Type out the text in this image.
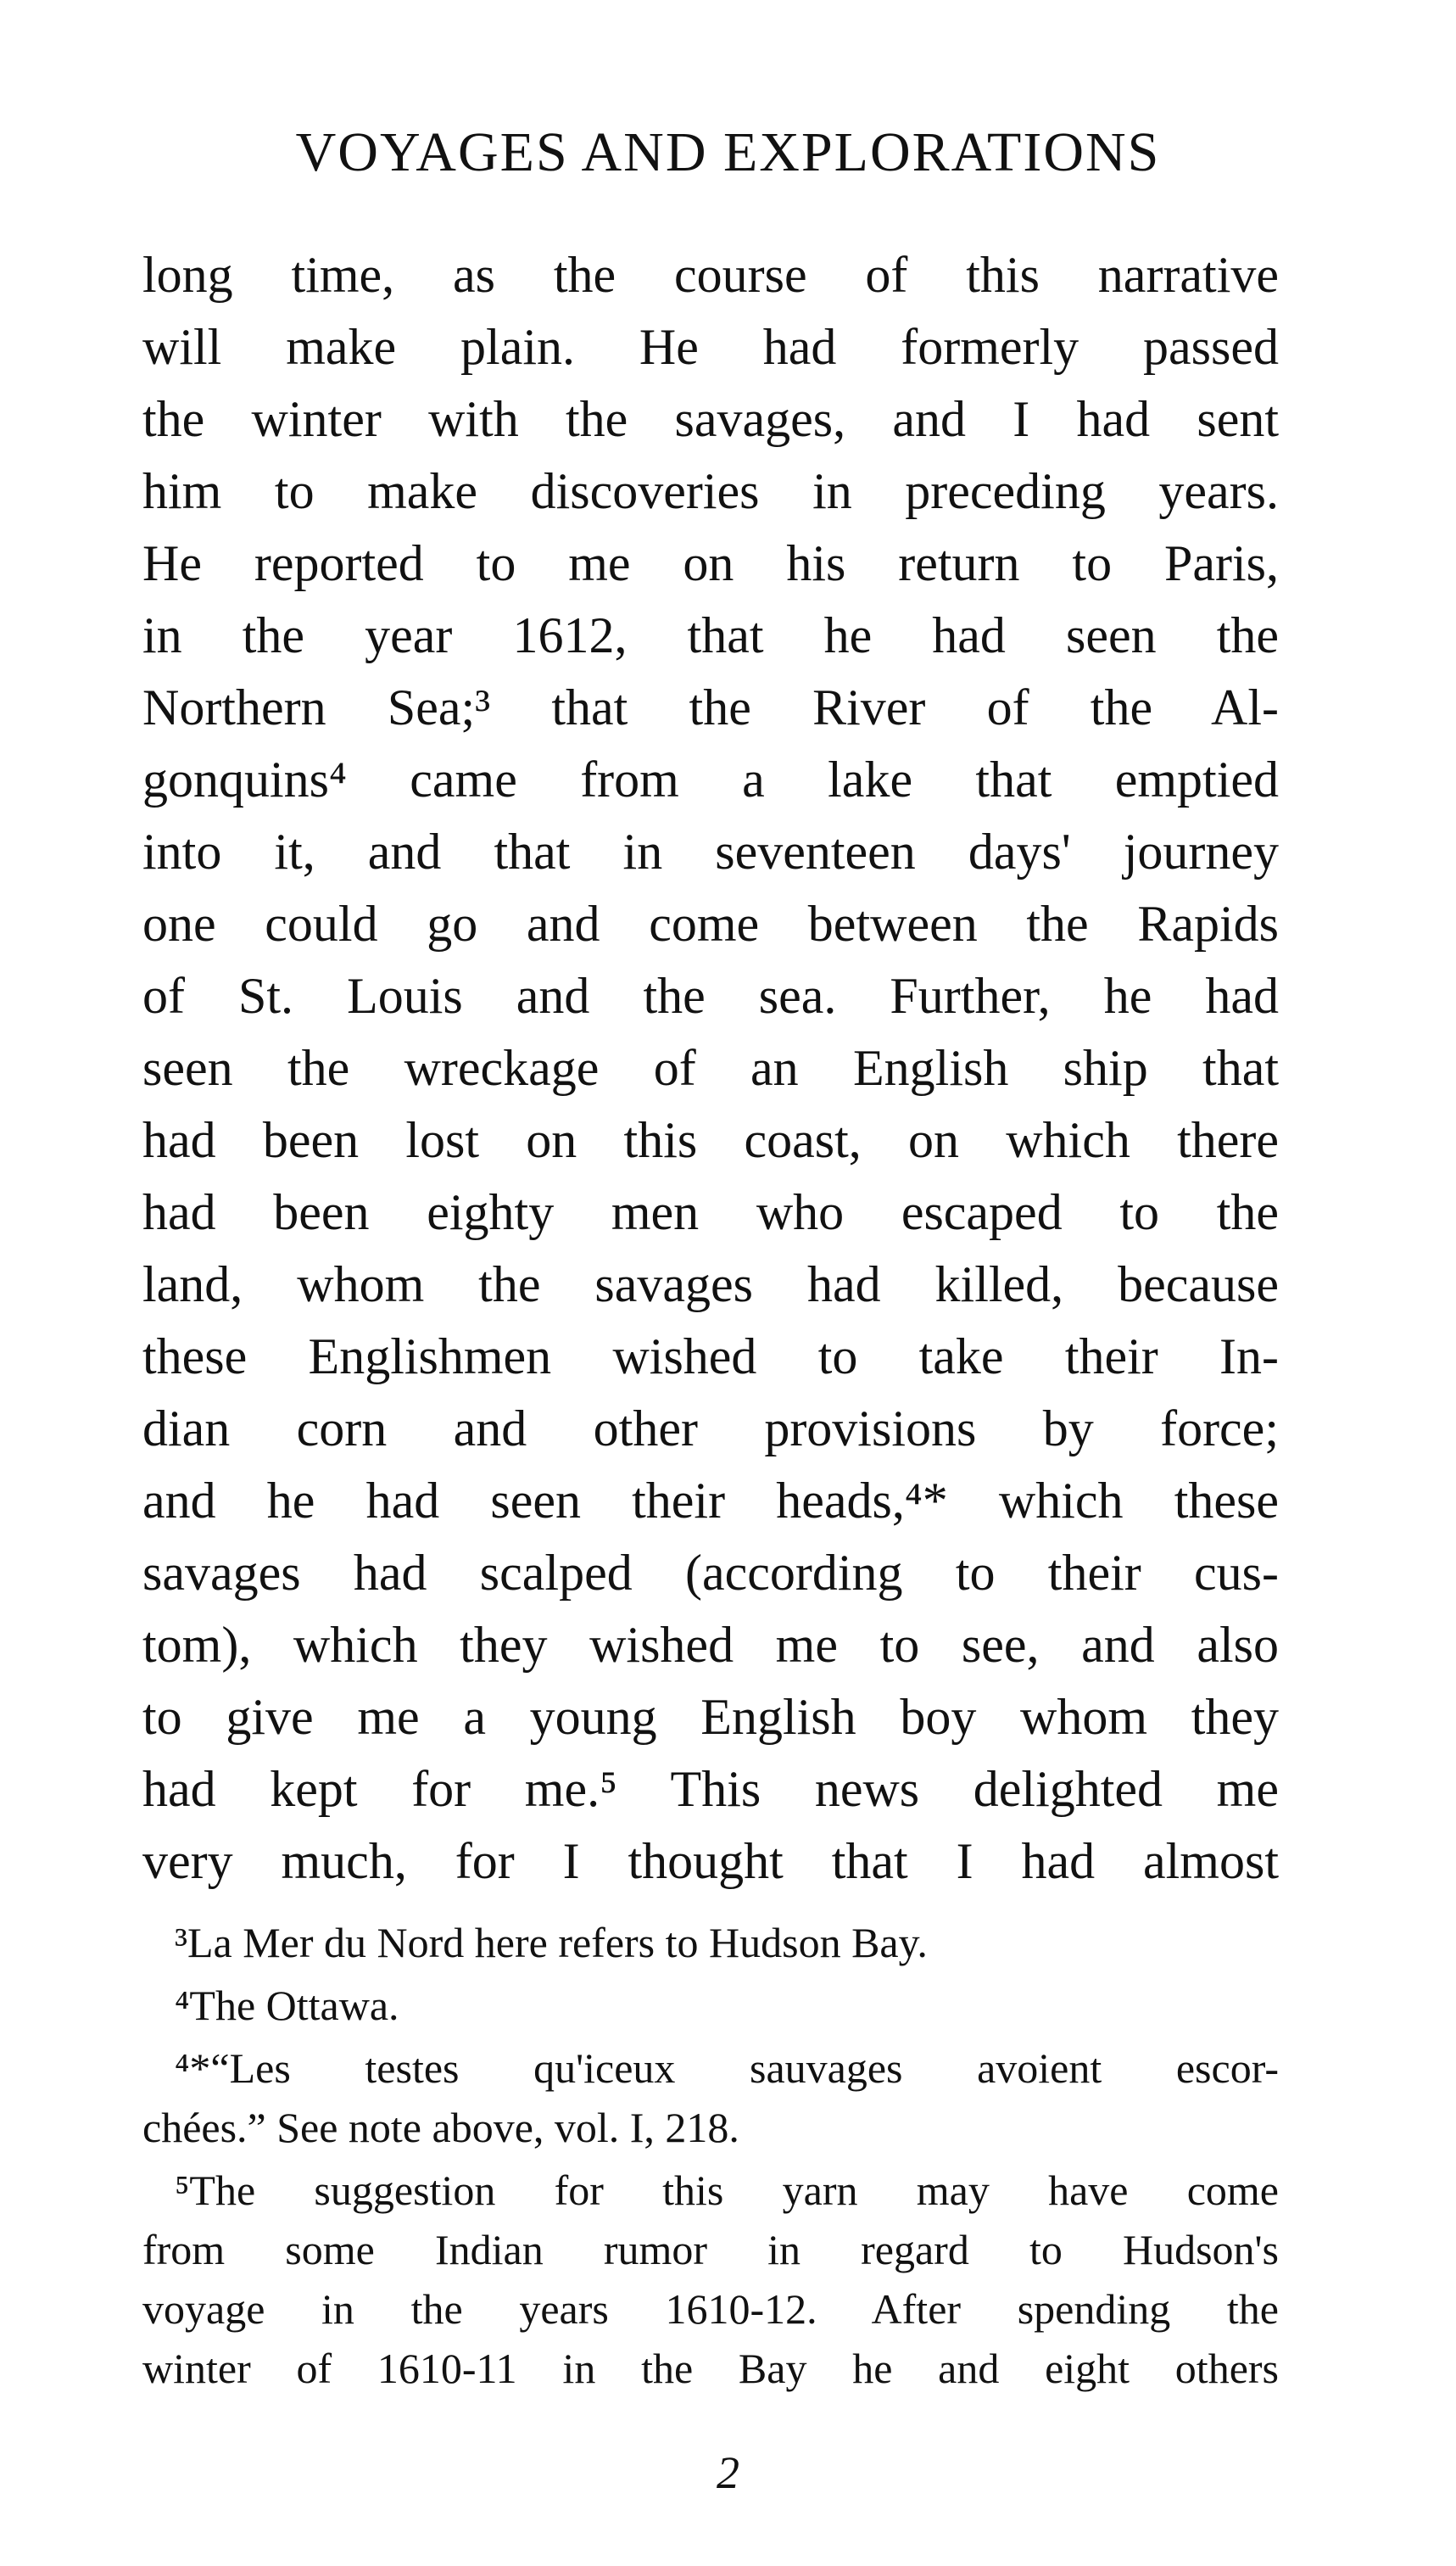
VOYAGES AND EXPLORATIONS
long time, as the course of this narrative
will make plain. He had formerly passed
the winter with the savages, and I had sent
him to make discoveries in preceding years.
He reported to me on his return to Paris,
in the year 1612, that he had seen the
Northern Sea;³ that the River of the Al-
gonquins⁴ came from a lake that emptied
into it, and that in seventeen days' journey
one could go and come between the Rapids
of St. Louis and the sea. Further, he had
seen the wreckage of an English ship that
had been lost on this coast, on which there
had been eighty men who escaped to the
land, whom the savages had killed, because
these Englishmen wished to take their In-
dian corn and other provisions by force;
and he had seen their heads,⁴* which these
savages had scalped (according to their cus-
tom), which they wished me to see, and also
to give me a young English boy whom they
had kept for me.⁵ This news delighted me
very much, for I thought that I had almost
³La Mer du Nord here refers to Hudson Bay.
⁴The Ottawa.
⁴*“Les testes qu'iceux sauvages avoient escor-
chées.” See note above, vol. I, 218.
⁵The suggestion for this yarn may have come
from some Indian rumor in regard to Hudson's
voyage in the years 1610-12. After spending the
winter of 1610-11 in the Bay he and eight others
2
